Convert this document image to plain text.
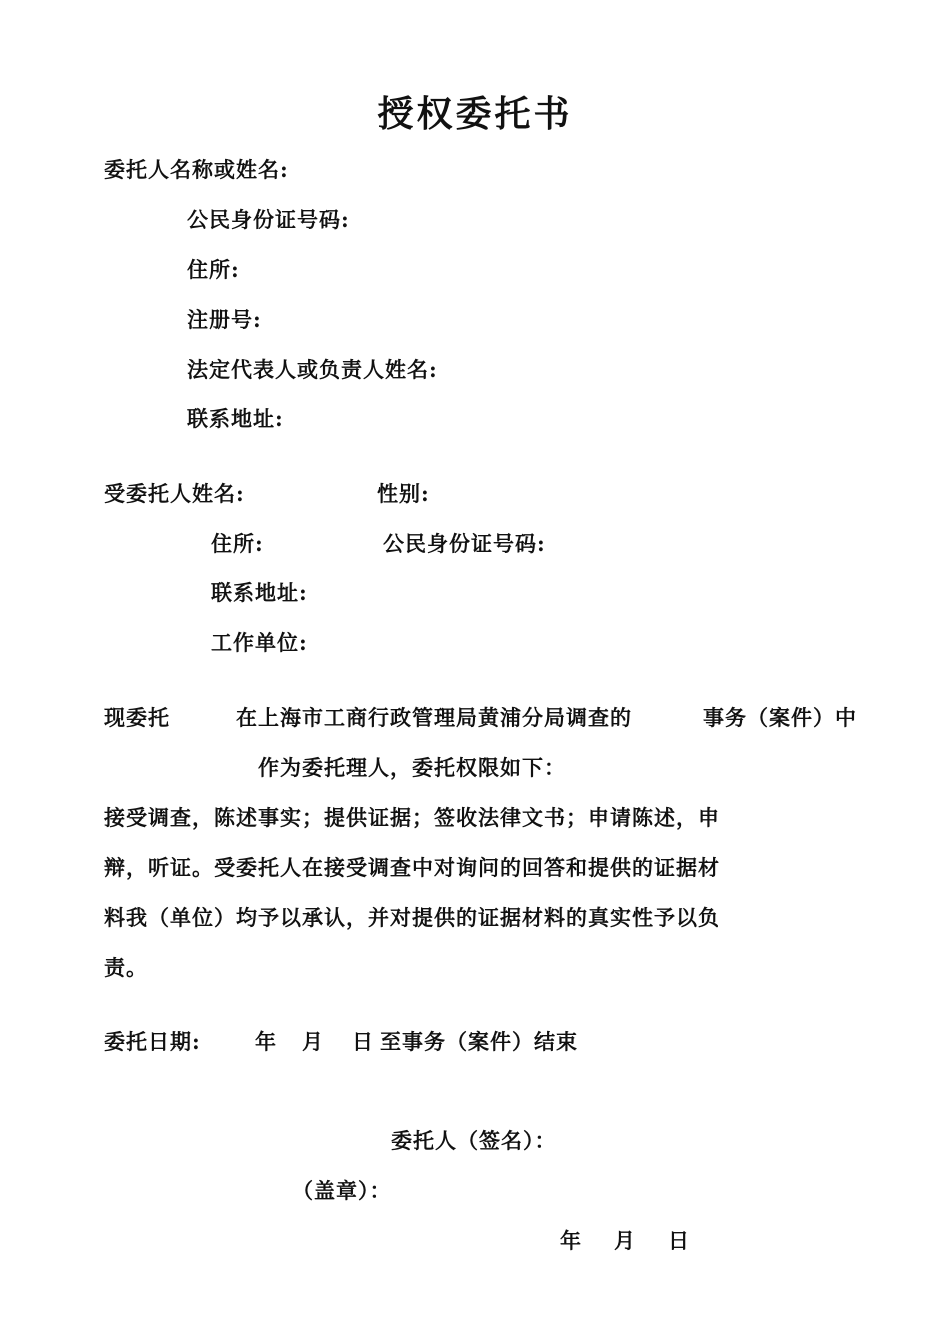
授权委托书
委托人名称或姓名:
公民身份证号码:
住所:
注册号:
法定代表人或负责人姓名:
联系地址:
受委托人姓名:	性别:
住所:	公民身份证号码:
联系地址:
工作单位:
现委托	在上海市工商行政管理局黄浦分局调查的	事务（案件）中
作为委托理人，委托权限如下：
接受调查，陈述事实；提供证据；签收法律文书；申请陈述，申
辩，听证。受委托人在接受调查中对询问的回答和提供的证据材
料我（单位）均予以承认，并对提供的证据材料的真实性予以负
责。
委托日期:	年 月 日 至事务（案件）结束
委托人（签名）：
（盖章）：
年 月 日
